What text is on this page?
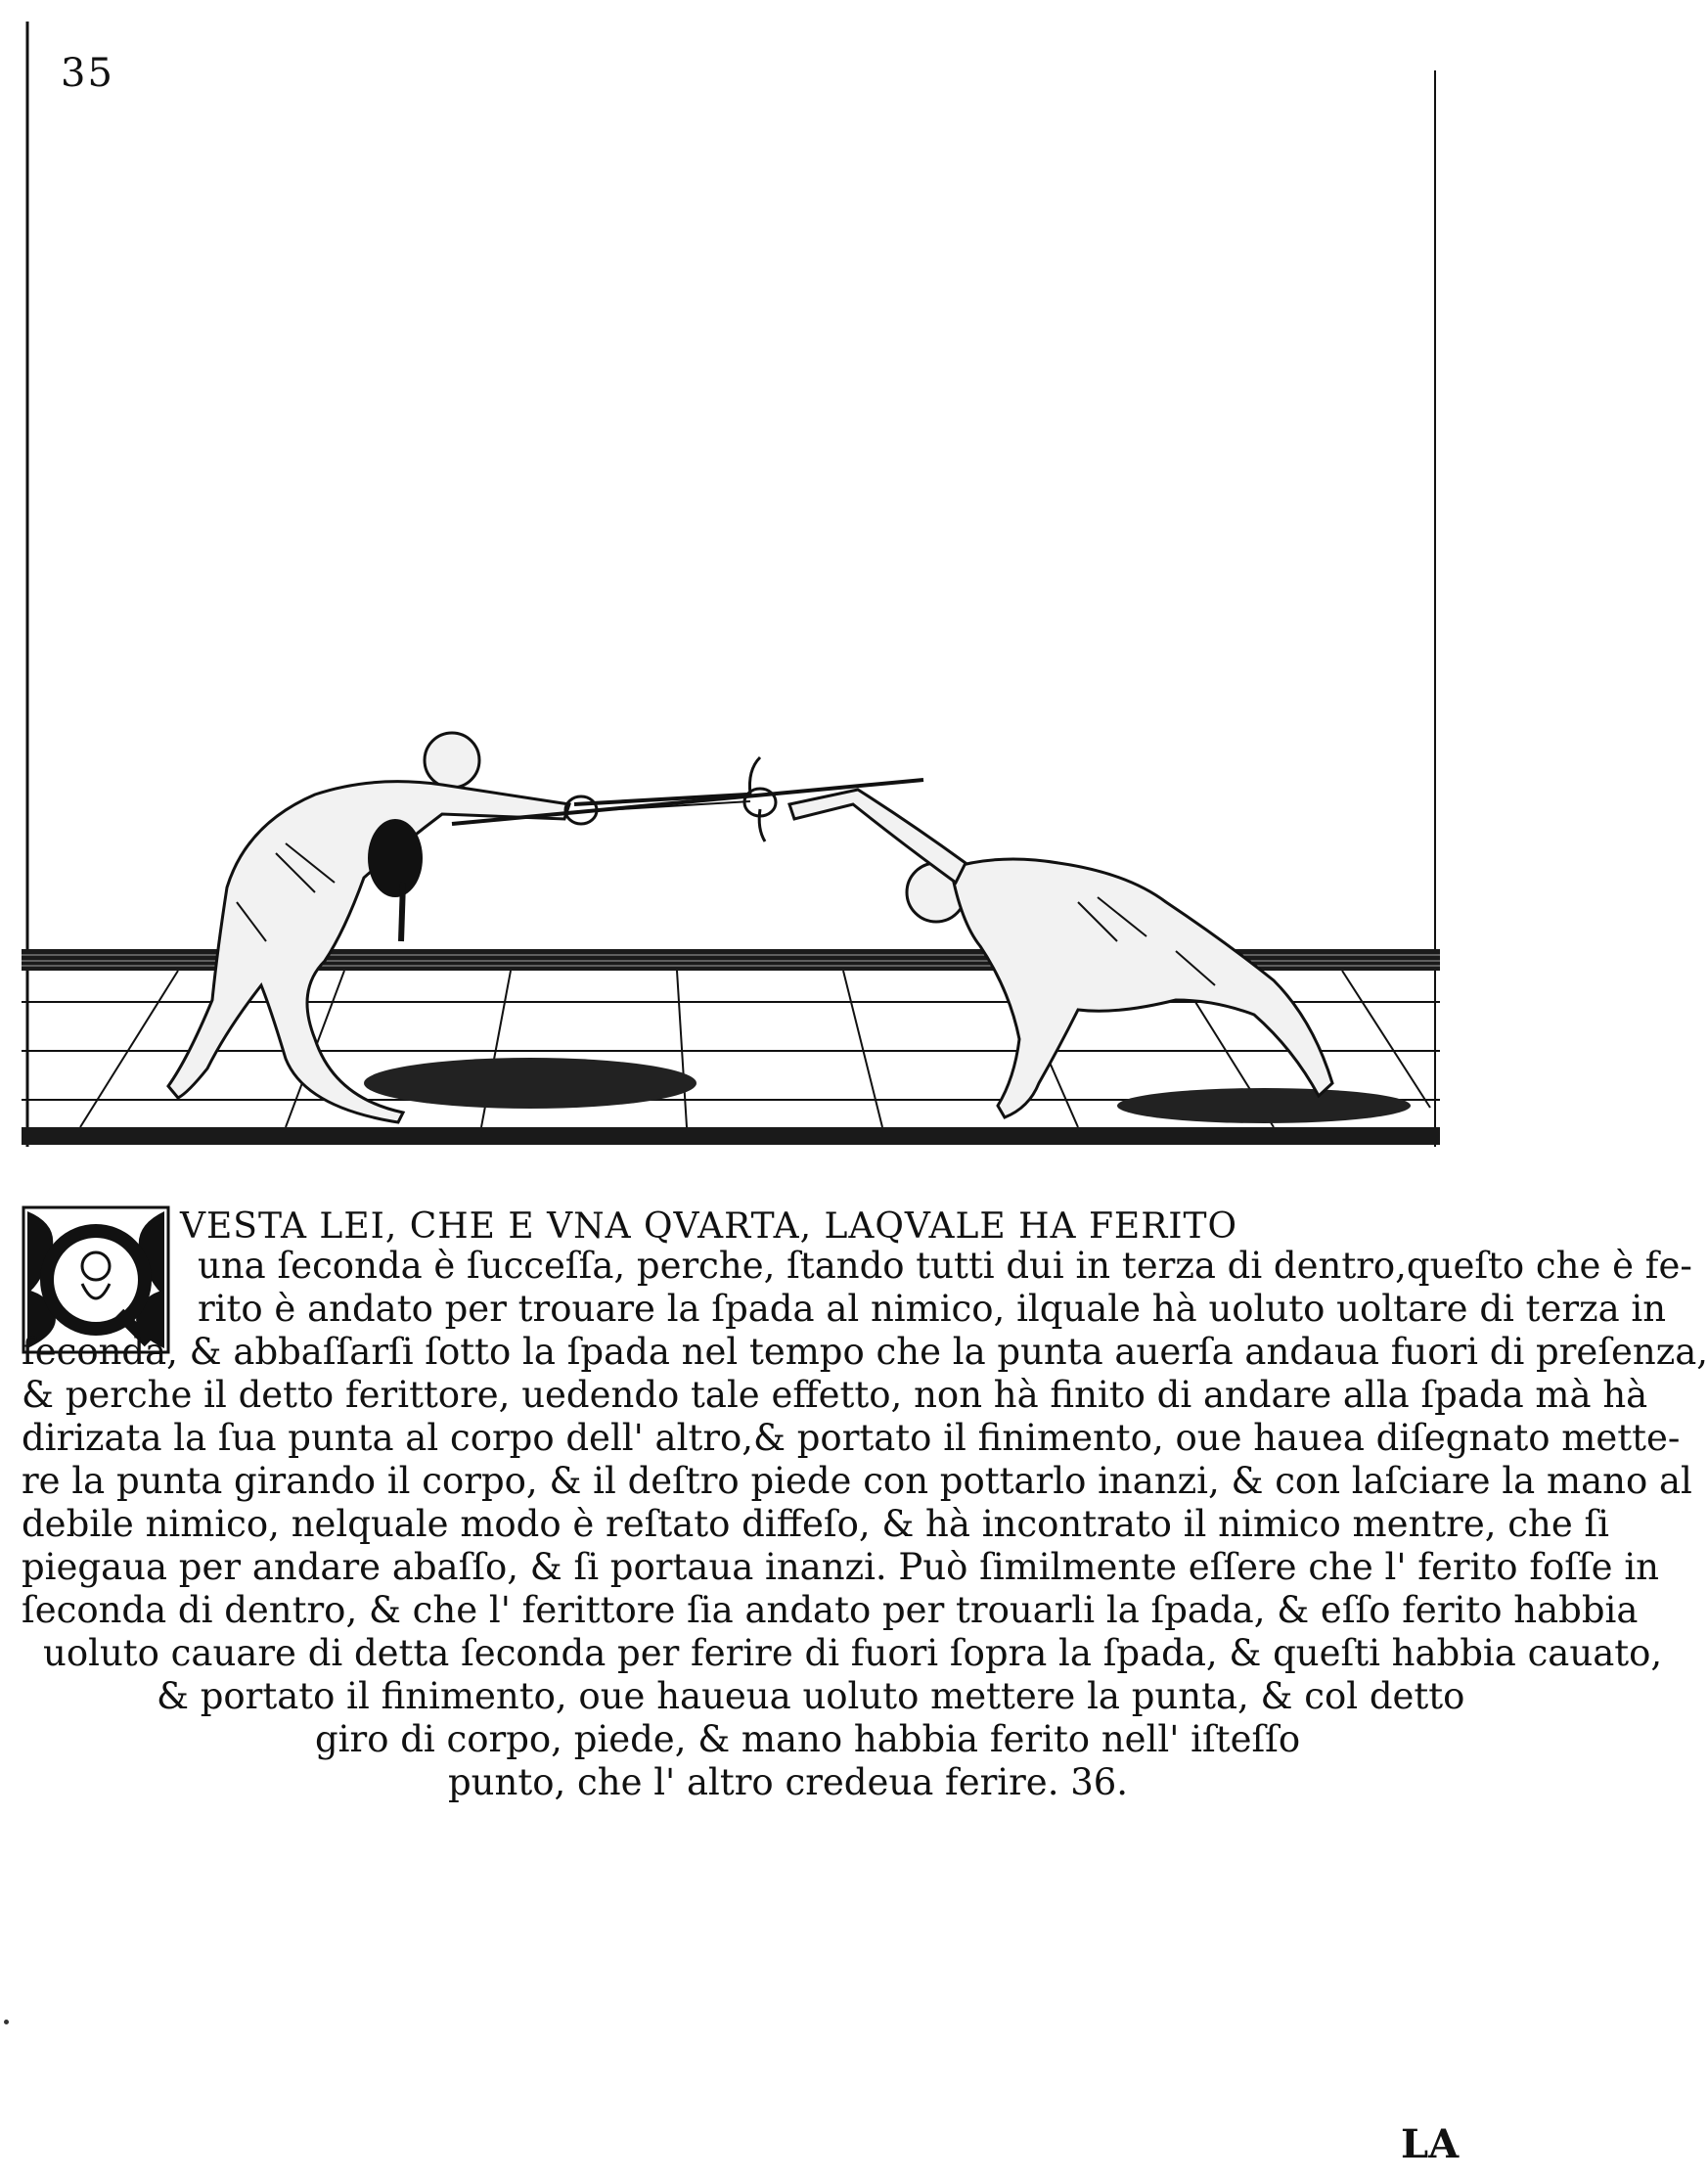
35
VESTA LEI, CHE E VNA QVARTA, LAQVALE HA FERITO
una ſeconda è ſucceſſa, perche, ſtando tutti dui in terza di dentro,queſto che è fe-
rito è andato per trouare la ſpada al nimico, ilquale hà uoluto uoltare di terza in
ſeconda, & abbaſſarſi ſotto la ſpada nel tempo che la punta auerſa andaua fuori di preſenza,
& perche il detto ferittore, uedendo tale effetto, non hà finito di andare alla ſpada mà hà
dirizata la ſua punta al corpo dell' altro,& portato il finimento, oue hauea diſegnato mette-
re la punta girando il corpo, & il deſtro piede con pottarlo inanzi, & con laſciare la mano al
debile nimico, nelquale modo è reſtato diffeſo, & hà incontrato il nimico mentre, che ſi
piegaua per andare abaſſo, & ſi portaua inanzi. Può ſimilmente eſſere che l' ferito foſſe in
ſeconda di dentro, & che l' ferittore ſia andato per trouarli la ſpada, & eſſo ferito habbia
uoluto cauare di detta ſeconda per ferire di fuori ſopra la ſpada, & queſti habbia cauato,
& portato il finimento, oue haueua uoluto mettere la punta, & col detto
giro di corpo, piede, & mano habbia ferito nell' iſteſſo
punto, che l' altro credeua ferire. 36.
LA
